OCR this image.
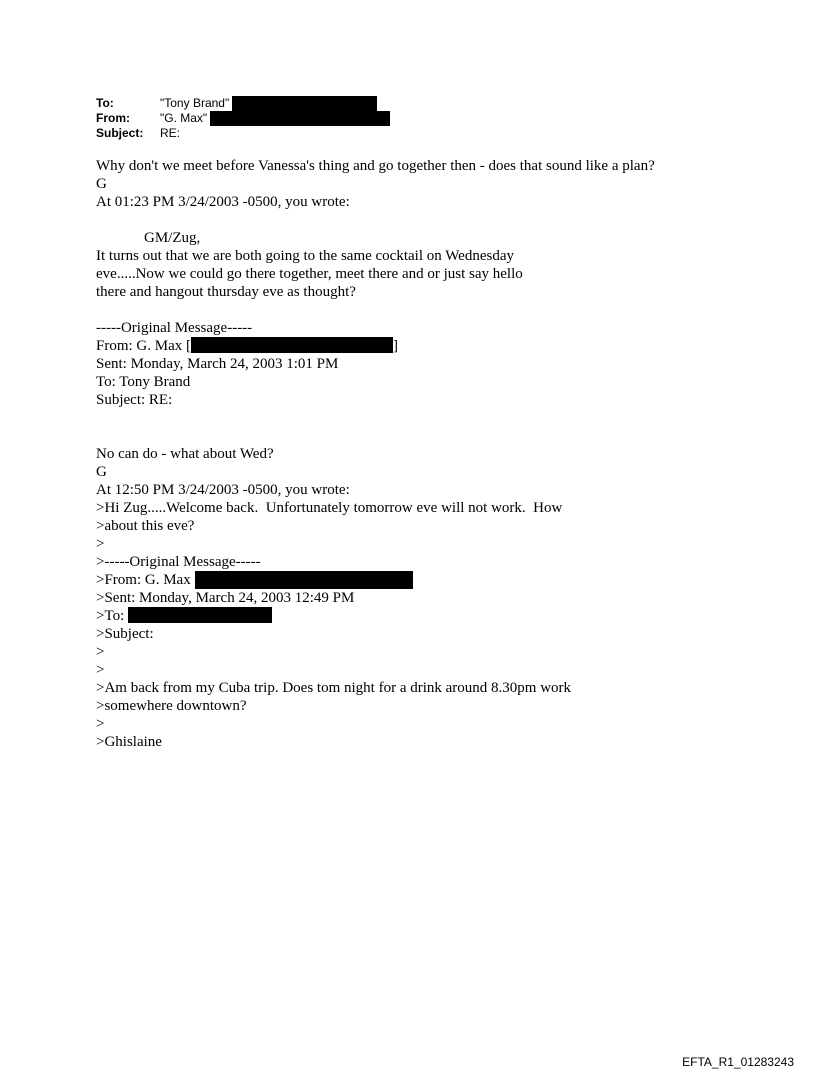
To:	"Tony Brand"
From:	"G. Max"
Subject:	RE:
Why don't we meet before Vanessa's thing and go together then - does that sound like a plan?
G
At 01:23 PM 3/24/2003 -0500, you wrote:
GM/Zug,
It turns out that we are both going to the same cocktail on Wednesday
eve.....Now we could go there together, meet there and or just say hello
there and hangout thursday eve as thought?
-----Original Message-----
From: G. Max [	]
Sent: Monday, March 24, 2003 1:01 PM
To: Tony Brand
Subject: RE:
No can do - what about Wed?
G
At 12:50 PM 3/24/2003 -0500, you wrote:
>Hi Zug.....Welcome back.  Unfortunately tomorrow eve will not work.  How
>about this eve?
>
>-----Original Message-----
>From: G. Max
>Sent: Monday, March 24, 2003 12:49 PM
>To:
>Subject:
>
>
>Am back from my Cuba trip. Does tom night for a drink around 8.30pm work
>somewhere downtown?
>
>Ghislaine
EFTA_R1_01283243
